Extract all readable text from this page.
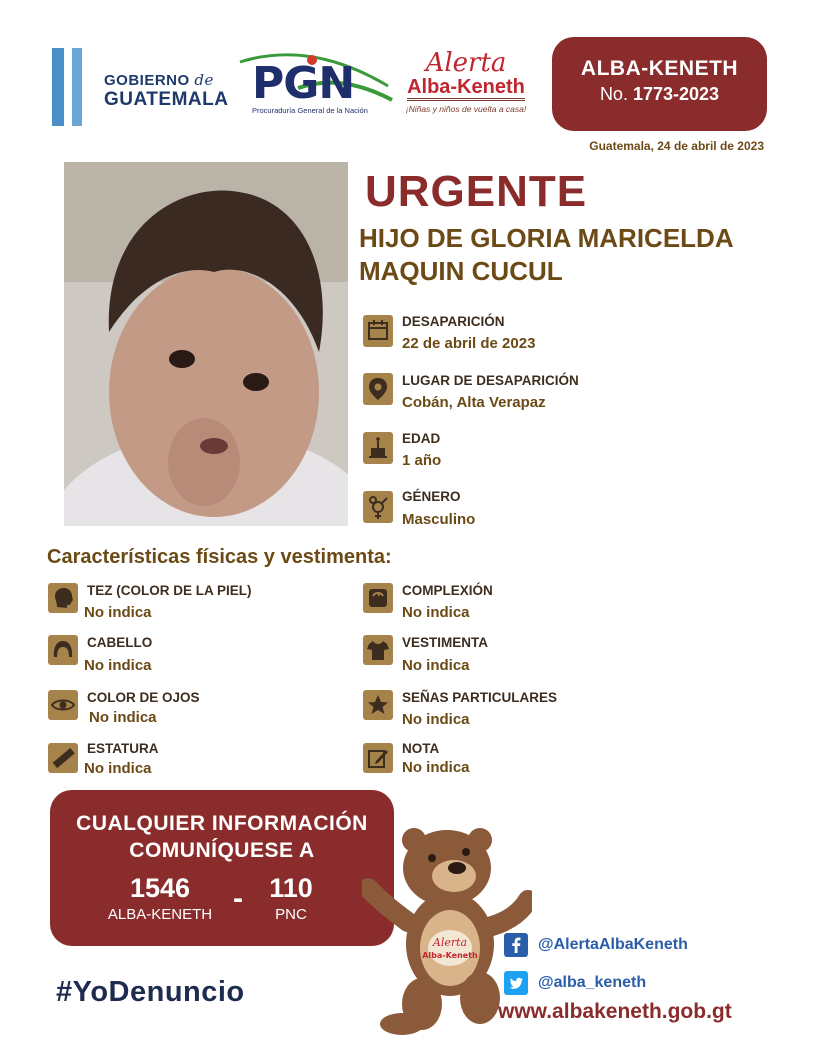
GOBIERNO de
GUATEMALA PGN
Procuraduría General de la Nación
Alerta
Alba-Keneth
¡Niñas y niños de vuelta a casa!
ALBA-KENETH
No. 1773-2023
Guatemala, 24 de abril de 2023
URGENTE
HIJO DE GLORIA MARICELDA
MAQUIN CUCUL
DESAPARICIÓN
22 de abril de 2023
LUGAR DE DESAPARICIÓN
Cobán, Alta Verapaz
EDAD
1 año
GÉNERO
Masculino
Características físicas y vestimenta:
TEZ (COLOR DE LA PIEL)
No indica
CABELLO
No indica
COLOR DE OJOS
No indica
ESTATURA
No indica
COMPLEXIÓN
No indica
VESTIMENTA
No indica
SEÑAS PARTICULARES
No indica
NOTA
No indica
CUALQUIER INFORMACIÓN
COMUNÍQUESE A
1546
ALBA-KENETH - 110
PNC
Alerta
Alba-Keneth
#YoDenuncio
@AlertaAlbaKeneth
@alba_keneth
www.albakeneth.gob.gt
